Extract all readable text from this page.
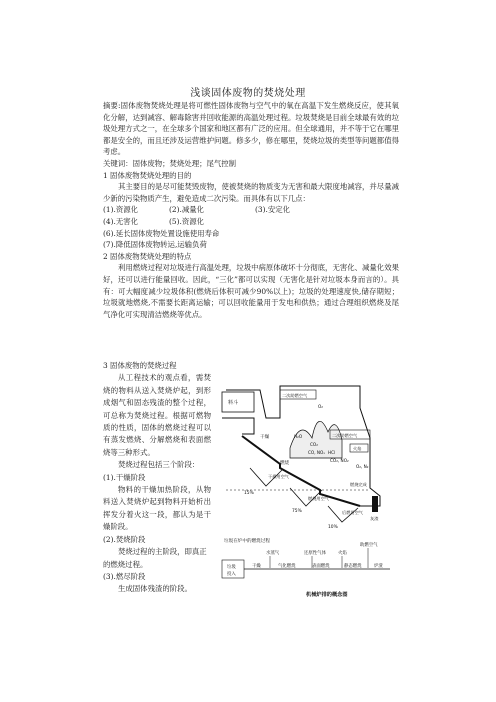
浅谈固体废物的焚烧处理

摘要:固体废物焚烧处理是将可燃性固体废物与空气中的氧在高温下发生燃烧反应，使其氧化分解，达到减容、解毒除害并回收能源的高温处理过程。垃圾焚烧是目前全球最有效的垃圾处理方式之一，在全球多个国家和地区都有广泛的应用。但全球通用，并不等于它在哪里都是安全的，而且还涉及运营维护问题。修多少，修在哪里，焚烧垃圾的类型等问题都值得考虑。

关键词：固体废物；焚烧处理；尾气控制

1 固体废物焚烧处理的目的

其主要目的是尽可能焚毁废物，使被焚烧的物质变为无害和最大限度地减容，并尽量减少新的污染物质产生，避免造成二次污染。而具体有以下几点：

(1).资源化	(2).减量化	(3).安定化
(4).无害化	(5).资源化

(6).延长固体废物处置设施使用寿命

(7).降低固体废物转运,运输负荷

2 固体废物焚烧处理的特点

利用燃烧过程对垃圾进行高温处理，垃圾中病原体破坏十分彻底，无害化、减量化效果好，还可以进行能量回收。因此，“三化”都可以实现（无害化是针对垃圾本身而言的）。具有：可大幅度减少垃圾体积(燃烧后体积可减少90%以上)；垃圾的处理速度快,储存期短；垃圾就地燃烧,不需要长距离运输；可以回收能量用于发电和供热；通过合理组织燃烧及尾气净化可实现清洁燃烧等优点。

3 固体废物的焚烧过程

从工程技术的观点看，需焚烧的物料从送入焚烧炉起，到形成烟气和固态残渣的整个过程，可总称为焚烧过程。根据可燃物质的性质，固体的燃烧过程可以有蒸发燃烧、分解燃烧和表面燃烧等三种形式。

焚烧过程包括三个阶段：

(1).干燥阶段

物料的干燥加热阶段，从物料送入焚烧炉起到物料开始析出挥发分着火这一段，都认为是干燥阶段。

(2).焚烧阶段

焚烧过程的主阶段，即真正的燃烧过程。

(3).燃尽阶段

生成固体残渣的阶段。

料斗
二次助燃空气
二次助燃空气
O₂
H₂O
CO₂
CO, NOₓ HCl
CO₂, NO₂
O₂, N₂
火焰
干燥
燃烧
干燥用空气
燃烧用空气
后燃用空气
燃烧完成
灰渣
15%
75%
10%
垃圾在炉中的燃烧过程
水蒸气	还原性气体	火焰
助燃空气
垃圾
投入
干燥	气化燃烧	表面燃烧	静态燃烧	炉渣
机械炉排的概念图
